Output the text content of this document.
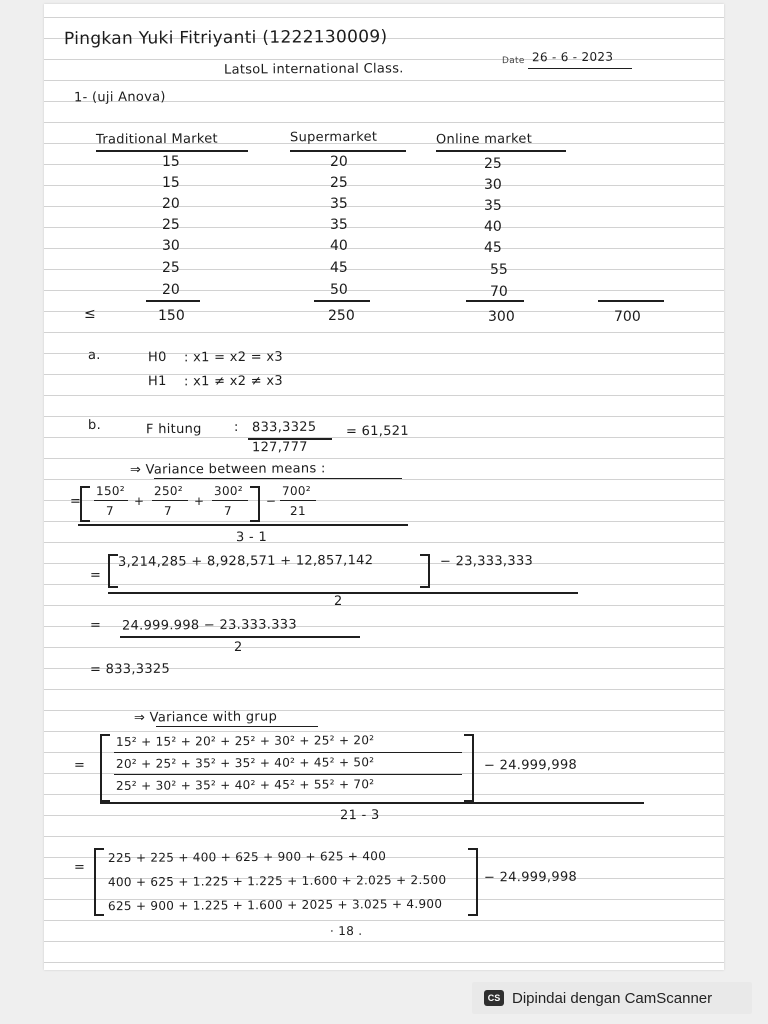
Pingkan Yuki Fitriyanti (1222130009)
LatsoL international Class.
Date 26 - 6 - 2023
1- (uji Anova)
Traditional Market	Supermarket	Online market
15	20	25
15	25	30
20	35	35
25	35	40
30	40	45
25	45	55
20	50	70
≤	150	250	300	700
a.	H0 : x1 = x2 = x3
H1 : x1 ≠ x2 ≠ x3
b.	F hitung : 833,3325
127,777
= 61,521
⇒ Variance between means :
=
150²
7
+
250²
7
+
300²
7
−
700²
21
3 - 1
=
3,214,285 + 8,928,571 + 12,857,142	− 23,333,333
2
= 24.999.998 − 23.333.333
2
= 833,3325
⇒ Variance with grup
=
15² + 15² + 20² + 25² + 30² + 25² + 20²
20² + 25² + 35² + 35² + 40² + 45² + 50²
25² + 30² + 35² + 40² + 45² + 55² + 70²
− 24.999,998
21 - 3
=
225 + 225 + 400 + 625 + 900 + 625 + 400
400 + 625 + 1.225 + 1.225 + 1.600 + 2.025 + 2.500
625 + 900 + 1.225 + 1.600 + 2025 + 3.025 + 4.900
− 24.999,998
· 18 .
CS Dipindai dengan CamScanner
